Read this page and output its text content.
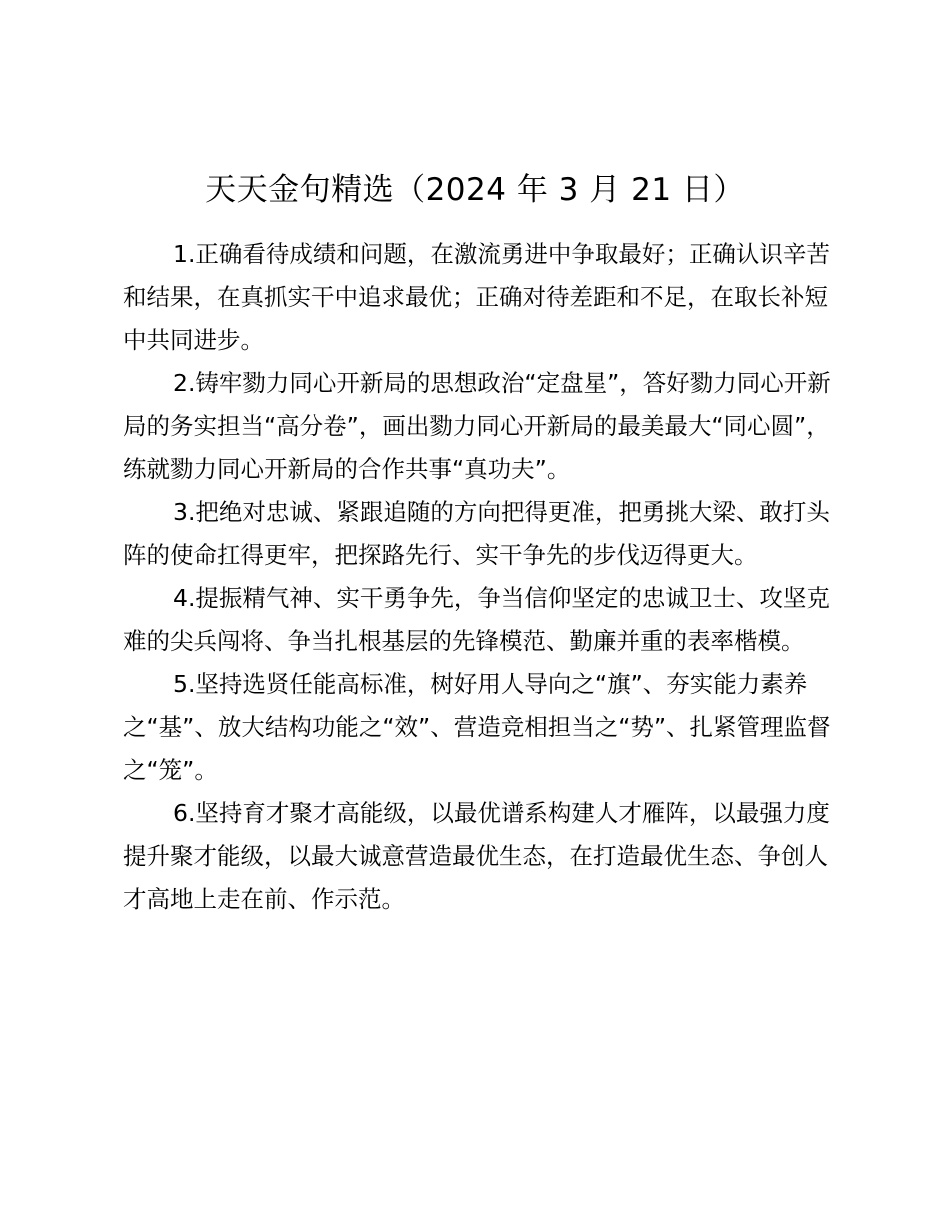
天天金句精选（2024 年 3 月 21 日）

1.正确看待成绩和问题，在激流勇进中争取最好；正确认识辛苦和结果，在真抓实干中追求最优；正确对待差距和不足，在取长补短中共同进步。

2.铸牢勠力同心开新局的思想政治“定盘星”，答好勠力同心开新局的务实担当“高分卷”，画出勠力同心开新局的最美最大“同心圆”，练就勠力同心开新局的合作共事“真功夫”。

3.把绝对忠诚、紧跟追随的方向把得更准，把勇挑大梁、敢打头阵的使命扛得更牢，把探路先行、实干争先的步伐迈得更大。

4.提振精气神、实干勇争先，争当信仰坚定的忠诚卫士、攻坚克难的尖兵闯将、争当扎根基层的先锋模范、勤廉并重的表率楷模。

5.坚持选贤任能高标准，树好用人导向之“旗”、夯实能力素养之“基”、放大结构功能之“效”、营造竞相担当之“势”、扎紧管理监督之“笼”。

6.坚持育才聚才高能级，以最优谱系构建人才雁阵，以最强力度提升聚才能级，以最大诚意营造最优生态，在打造最优生态、争创人才高地上走在前、作示范。
